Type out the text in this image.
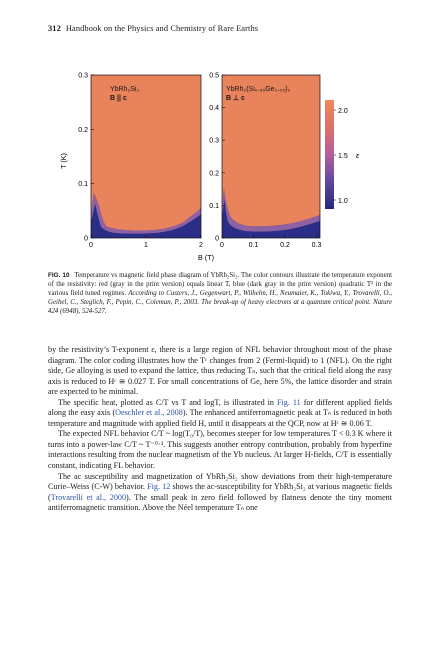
312 Handbook on the Physics and Chemistry of Rare Earths
YbRh₂Si₂
B || c
0
0.1
0.2
0.3
0	1	2
YbRh₂(Si₀.₉₅Ge₀.₀₅)₂
B ⊥ c
0
0.1
0.2
0.3
0.4
0.5
0	0.1	0.2	0.3
2.0
1.5
1.0
ε
T (K)
B (T)
FIG. 10 Temperature vs magnetic field phase diagram of YbRh₂Si₂. The color contours illustrate the temperature exponent of the resistivity: red (gray in the print version) equals linear T, blue (dark gray in the print version) quadratic T² in the various field tuned regimes. According to Custers, J., Gegenwart, P., Wilhelm, H., Neumaier, K., Tokiwa, Y., Trovarelli, O., Geibel, C., Steglich, F., Pepin, C., Coleman, P., 2003. The break-up of heavy electrons at a quantum critical point. Nature 424 (6948), 524-527.

by the resistivity’s T-exponent ε, there is a large region of NFL behavior throughout most of the phase diagram. The color coding illustrates how the Tᵋ changes from 2 (Fermi-liquid) to 1 (NFL). On the right side, Ge alloying is used to expand the lattice, thus reducing Tₙ, such that the critical field along the easy axis is reduced to Hᶜ ≅ 0.027 T. For small concentrations of Ge, here 5%, the lattice disorder and strain are expected to be minimal.

The specific heat, plotted as C/T vs T and logT, is illustrated in Fig. 11 for different applied fields along the easy axis (Oeschler et al., 2008). The enhanced antiferromagnetic peak at Tₙ is reduced in both temperature and magnitude with applied field H, until it disappears at the QCP, now at Hᶜ ≅ 0.06 T.

The expected NFL behavior C/T ~ log(T₀/T), becomes steeper for low temperatures T < 0.3 K where it turns into a power-law C/T ~ T⁻⁰·³. This suggests another entropy contribution, probably from hyperfine interactions resulting from the nuclear magnetism of the Yb nucleus. At larger H-fields, C/T is essentially constant, indicating FL behavior.

The ac susceptibility and magnetization of YbRh₂Si₂ show deviations from their high-temperature Curie–Weiss (C-W) behavior. Fig. 12 shows the ac-susceptibility for YbRh₂Si₂ at various magnetic fields (Trovarelli et al., 2000). The small peak in zero field followed by flatness denote the tiny moment antiferromagnetic transition. Above the Néel temperature Tₙ one
